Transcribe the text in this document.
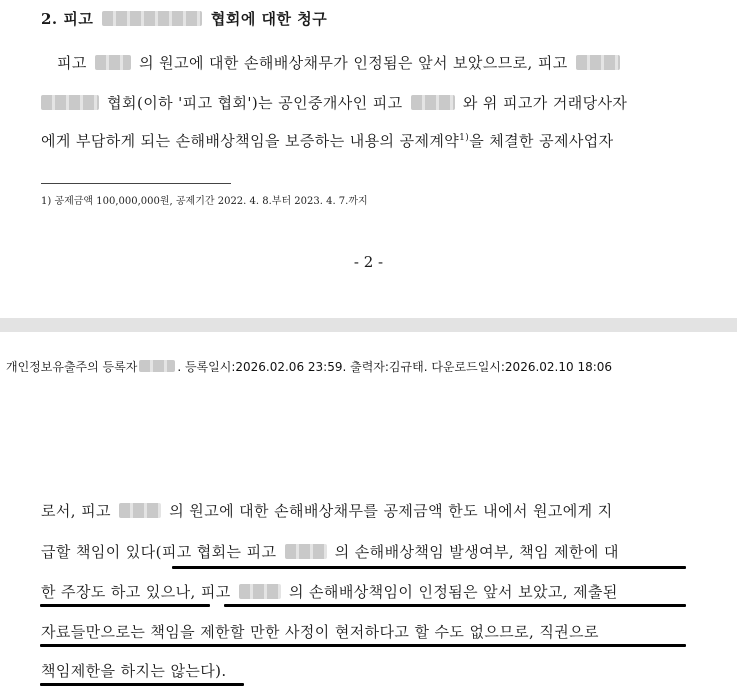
2. 피고	협회에 대한 청구
피고	의 원고에 대한 손해배상채무가 인정됨은 앞서 보았으므로, 피고
협회(이하 '피고 협회')는 공인중개사인 피고	와 위 피고가 거래당사자
에게 부담하게 되는 손해배상책임을 보증하는 내용의 공제계약$^{1)}$을 체결한 공제사업자
1) 공제금액 100,000,000원, 공제기간 2022. 4. 8.부터 2023. 4. 7.까지
- 2 -
개인정보유출주의 등록자	. 등록일시:2026.02.06 23:59. 출력자:김규태. 다운로드일시:2026.02.10 18:06
로서, 피고	의 원고에 대한 손해배상채무를 공제금액 한도 내에서 원고에게 지
급할 책임이 있다(피고 협회는 피고	의 손해배상책임 발생여부, 책임 제한에 대
한 주장도 하고 있으나, 피고	의 손해배상책임이 인정됨은 앞서 보았고, 제출된
자료들만으로는 책임을 제한할 만한 사정이 현저하다고 할 수도 없으므로, 직권으로
책임제한을 하지는 않는다).
